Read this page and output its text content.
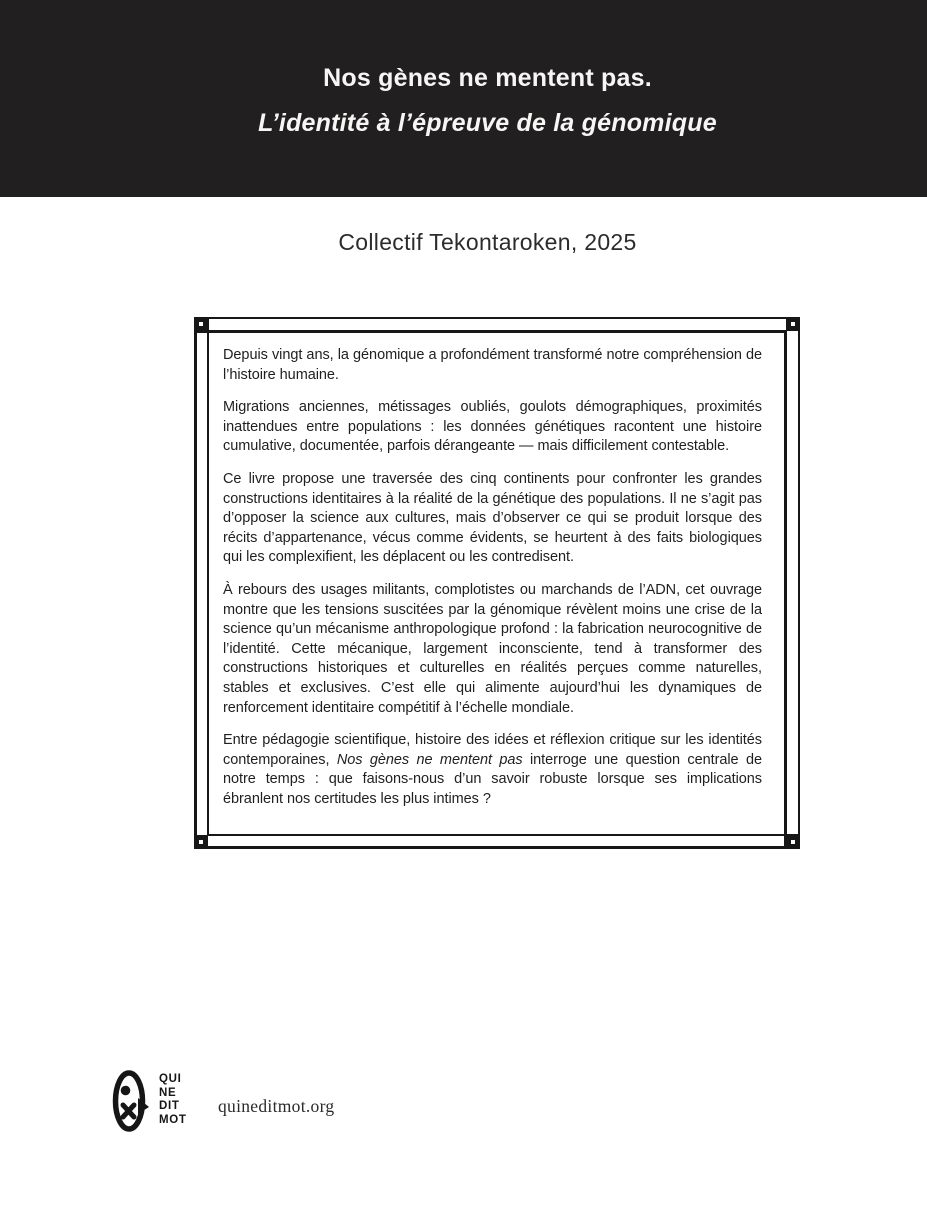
Nos gènes ne mentent pas.
L’identité à l’épreuve de la génomique
Collectif Tekontaroken, 2025

Depuis vingt ans, la génomique a profondément transformé notre compréhension de l’histoire humaine.

Migrations anciennes, métissages oubliés, goulots démographiques, proximités inattendues entre populations : les données génétiques racontent une histoire cumulative, documentée, parfois dérangeante — mais difficilement contestable.

Ce livre propose une traversée des cinq continents pour confronter les grandes constructions identitaires à la réalité de la génétique des populations. Il ne s’agit pas d’opposer la science aux cultures, mais d’observer ce qui se produit lorsque des récits d’appartenance, vécus comme évidents, se heurtent à des faits biologiques qui les complexifient, les déplacent ou les contredisent.

À rebours des usages militants, complotistes ou marchands de l’ADN, cet ouvrage montre que les tensions suscitées par la génomique révèlent moins une crise de la science qu’un mécanisme anthropologique profond : la fabrication neurocognitive de l’identité. Cette mécanique, largement inconsciente, tend à transformer des constructions historiques et culturelles en réalités perçues comme naturelles, stables et exclusives. C’est elle qui alimente aujourd’hui les dynamiques de renforcement identitaire compétitif à l’échelle mondiale.

Entre pédagogie scientifique, histoire des idées et réflexion critique sur les identités contemporaines, Nos gènes ne mentent pas interroge une question centrale de notre temps : que faisons-nous d’un savoir robuste lorsque ses implications ébranlent nos certitudes les plus intimes ?

QUI
NE
DIT
MOT
quineditmot.org
